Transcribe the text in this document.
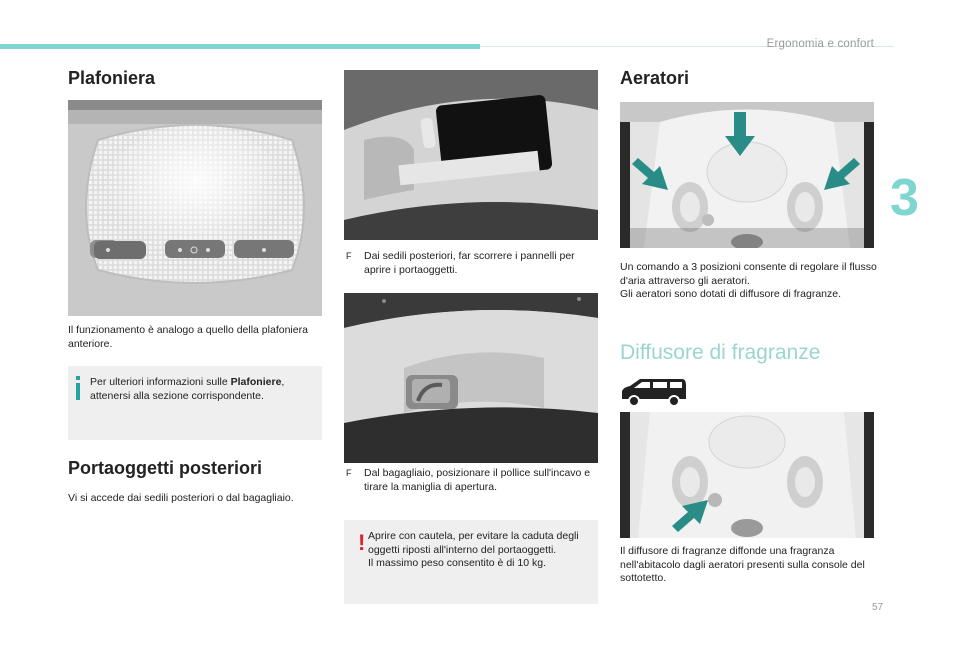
Ergonomia e confort
3
57
Plafoniera
Il funzionamento è analogo a quello della plafoniera anteriore.
Per ulteriori informazioni sulle Plafoniere, attenersi alla sezione corrispondente.
Portaoggetti posteriori
Vi si accede dai sedili posteriori o dal bagagliaio.
F Dai sedili posteriori, far scorrere i pannelli per aprire i portaoggetti.
F Dal bagagliaio, posizionare il pollice sull'incavo e tirare la maniglia di apertura.
! Aprire con cautela, per evitare la caduta degli oggetti riposti all'interno del portaoggetti.
Il massimo peso consentito è di 10 kg.
Aeratori
Un comando a 3 posizioni consente di regolare il flusso d'aria attraverso gli aeratori.
Gli aeratori sono dotati di diffusore di fragranze.
Diffusore di fragranze
Il diffusore di fragranze diffonde una fragranza nell'abitacolo dagli aeratori presenti sulla console del sottotetto.
